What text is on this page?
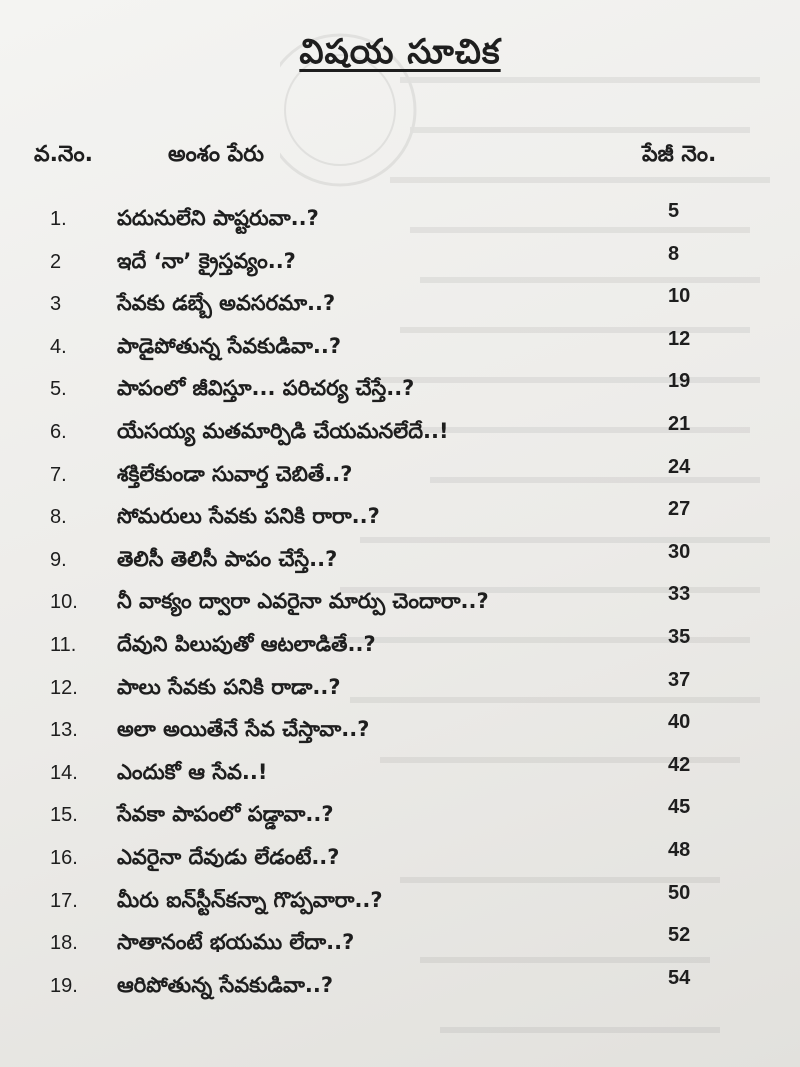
విషయ సూచిక
వ.నెం.	అంశం పేరు	పేజీ నెం.
1. పదునులేని పాష్టరువా..?	5
2	ఇదే ‘నా’ క్రైస్తవ్యం..?	8
3	సేవకు డబ్బే అవసరమా..?	10
4. పాడైపోతున్న సేవకుడివా..?	12
5. పాపంలో జీవిస్తూ... పరిచర్య చేస్తే..?	19
6. యేసయ్య మతమార్పిడి చేయమనలేదే..!	21
7. శక్తిలేకుండా సువార్త చెబితే..?	24
8. సోమరులు సేవకు పనికి రారా..?	27
9. తెలిసీ తెలిసీ పాపం చేస్తే..?	30
10. నీ వాక్యం ద్వారా ఎవరైనా మార్పు చెందారా..?	33
11. దేవుని పిలుపుతో ఆటలాడితే..?	35
12. పాలు సేవకు పనికి రాడా..?	37
13. అలా అయితేనే సేవ చేస్తావా..?	40
14. ఎందుకో ఆ సేవ..!	42
15. సేవకా పాపంలో పడ్డావా..?	45
16. ఎవరైనా దేవుడు లేడంటే..?	48
17. మీరు ఐన్‌స్టీన్‌కన్నా గొప్పవారా..?	50
18. సాతానంటే భయము లేదా..?	52
19. ఆరిపోతున్న సేవకుడివా..?	54
